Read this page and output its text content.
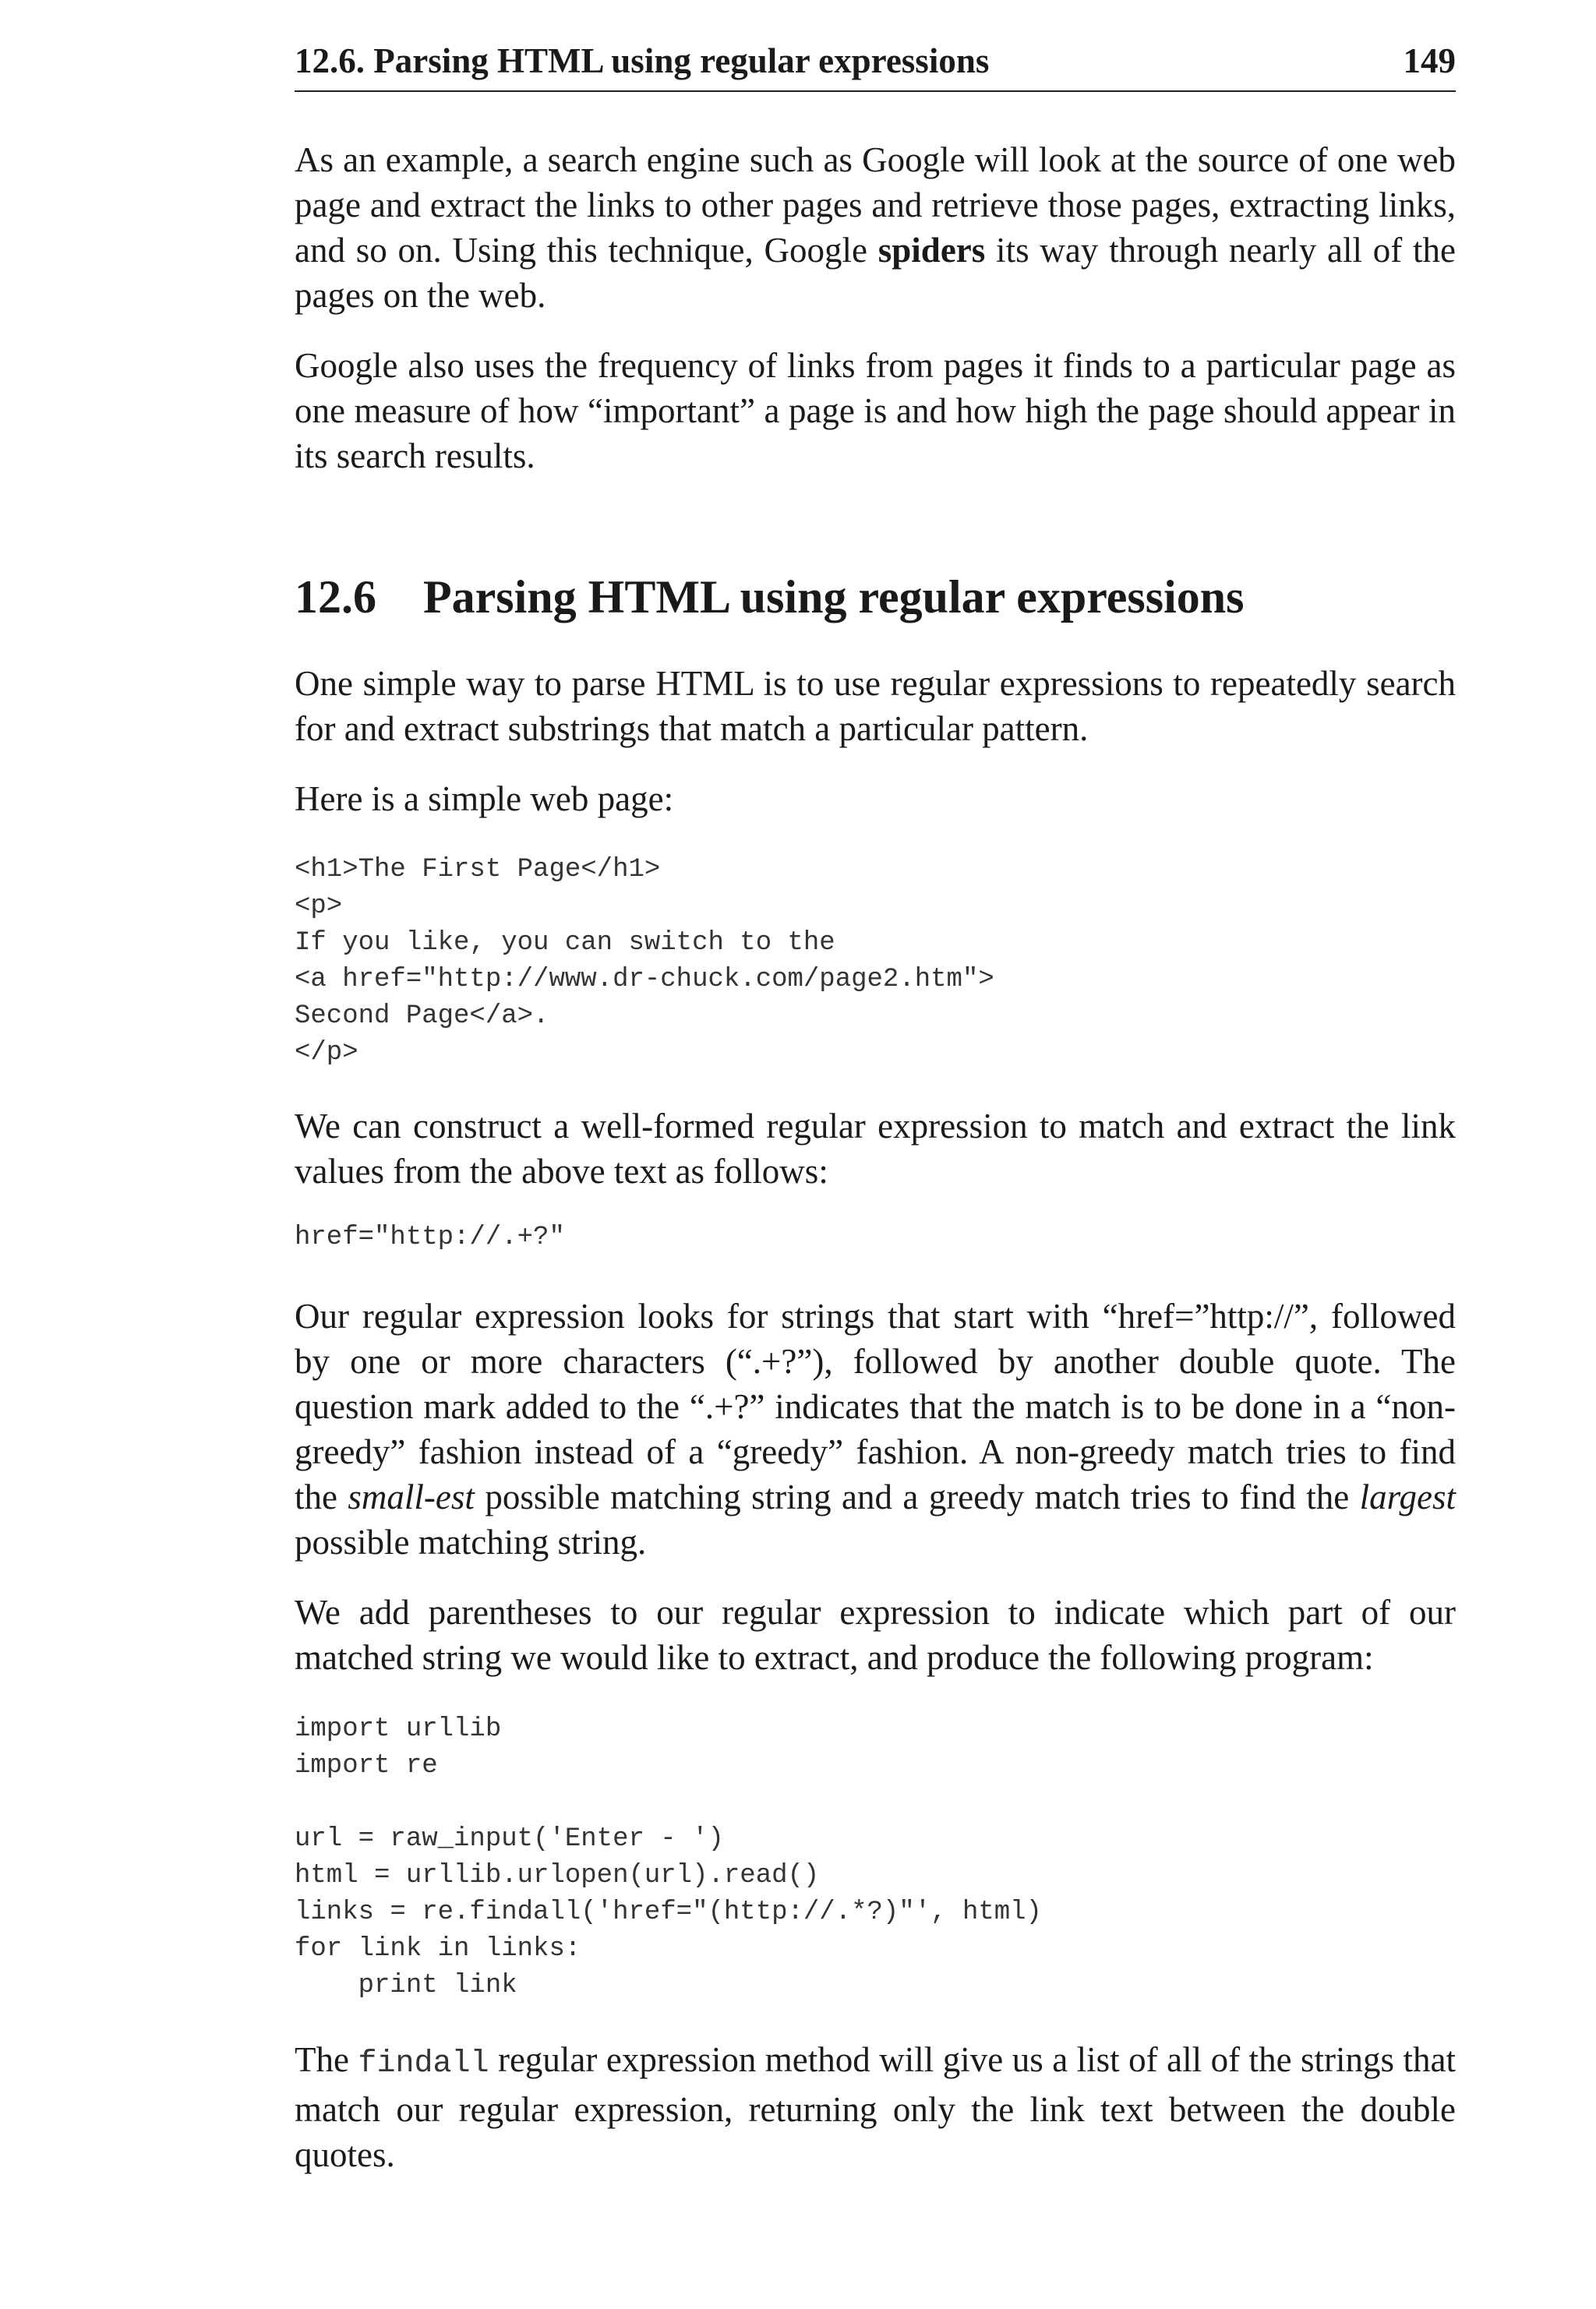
12.6. Parsing HTML using regular expressions	149

As an example, a search engine such as Google will look at the source of one web page and extract the links to other pages and retrieve those pages, extracting links, and so on. Using this technique, Google spiders its way through nearly all of the pages on the web.

Google also uses the frequency of links from pages it finds to a particular page as one measure of how “important” a page is and how high the page should appear in its search results.

12.6 Parsing HTML using regular expressions

One simple way to parse HTML is to use regular expressions to repeatedly search for and extract substrings that match a particular pattern.

Here is a simple web page:

<h1>The First Page</h1>
<p>
If you like, you can switch to the
<a href="http://www.dr-chuck.com/page2.htm">
Second Page</a>.
</p>

We can construct a well-formed regular expression to match and extract the link values from the above text as follows:

href="http://.+?"

Our regular expression looks for strings that start with “href=”http://”, followed by one or more characters (“.+?”), followed by another double quote. The question mark added to the “.+?” indicates that the match is to be done in a “non-greedy” fashion instead of a “greedy” fashion. A non-greedy match tries to find the small-est possible matching string and a greedy match tries to find the largest possible matching string.

We add parentheses to our regular expression to indicate which part of our matched string we would like to extract, and produce the following program:

import urllib
import re
url = raw_input('Enter - ')
html = urllib.urlopen(url).read()
links = re.findall('href="(http://.*?)"', html)
for link in links:
print link

The findall regular expression method will give us a list of all of the strings that match our regular expression, returning only the link text between the double quotes.
